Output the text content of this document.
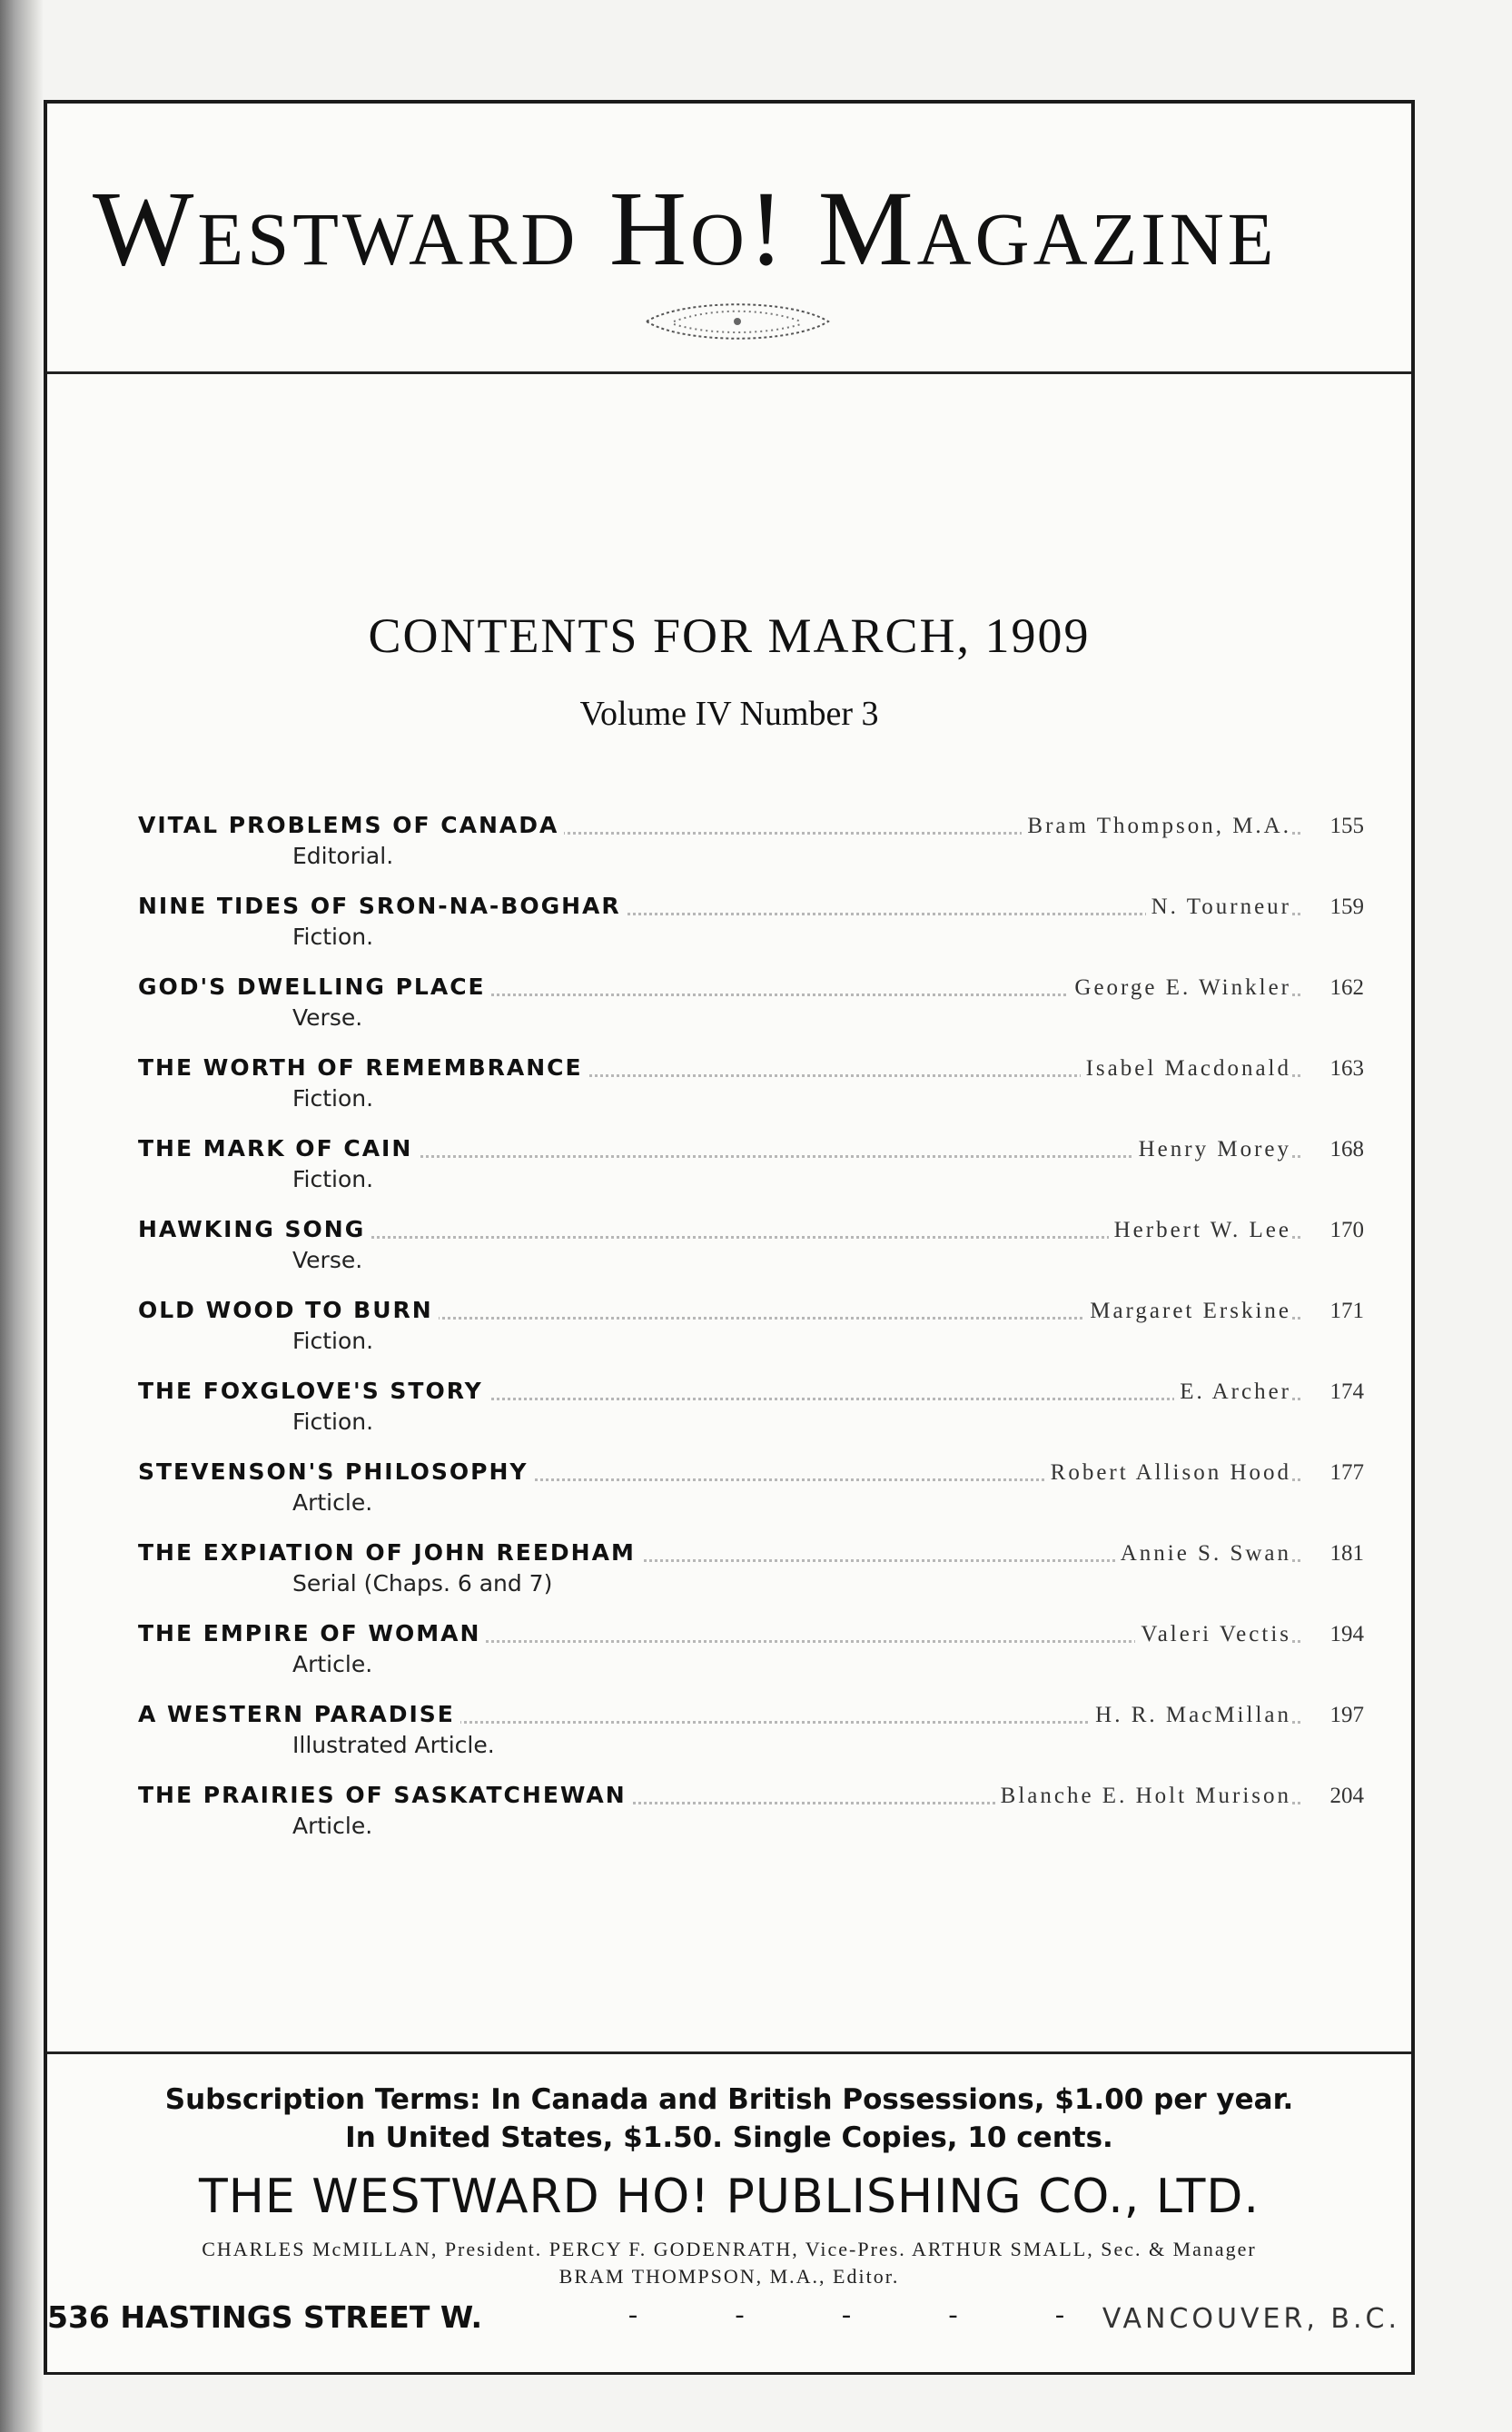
Westward Ho! Magazine
CONTENTS FOR MARCH, 1909
Volume IV Number 3
VITAL PROBLEMS OF CANADA	Bram Thompson, M.A.	155
Editorial.
NINE TIDES OF SRON-NA-BOGHAR	N. Tourneur	159
Fiction.
GOD'S DWELLING PLACE	George E. Winkler	162
Verse.
THE WORTH OF REMEMBRANCE	Isabel Macdonald	163
Fiction.
THE MARK OF CAIN	Henry Morey	168
Fiction.
HAWKING SONG	Herbert W. Lee	170
Verse.
OLD WOOD TO BURN	Margaret Erskine	171
Fiction.
THE FOXGLOVE'S STORY	E. Archer	174
Fiction.
STEVENSON'S PHILOSOPHY	Robert Allison Hood	177
Article.
THE EXPIATION OF JOHN REEDHAM	Annie S. Swan	181
Serial (Chaps. 6 and 7)
THE EMPIRE OF WOMAN	Valeri Vectis	194
Article.
A WESTERN PARADISE	H. R. MacMillan	197
Illustrated Article.
THE PRAIRIES OF SASKATCHEWAN	Blanche E. Holt Murison	204
Article.
Subscription Terms: In Canada and British Possessions, $1.00 per year.
In United States, $1.50. Single Copies, 10 cents.
THE WESTWARD HO! PUBLISHING CO., LTD.
CHARLES McMILLAN, President. PERCY F. GODENRATH, Vice-Pres. ARTHUR SMALL, Sec. & Manager
BRAM THOMPSON, M.A., Editor.
536 HASTINGS STREET W.	-	-	-	-	- VANCOUVER, B.C.
